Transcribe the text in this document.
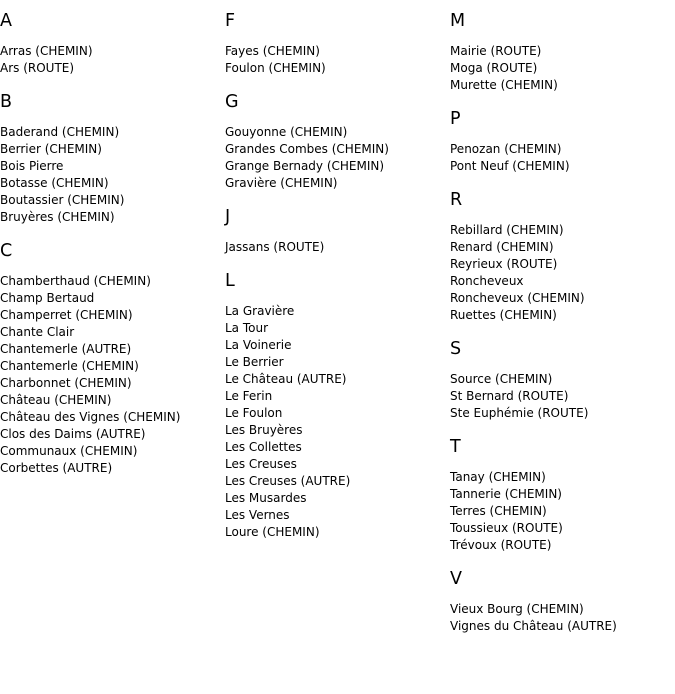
A
Arras (CHEMIN)
Ars (ROUTE)
B
Baderand (CHEMIN)
Berrier (CHEMIN)
Bois Pierre
Botasse (CHEMIN)
Boutassier (CHEMIN)
Bruyères (CHEMIN)
C
Chamberthaud (CHEMIN)
Champ Bertaud
Champerret (CHEMIN)
Chante Clair
Chantemerle (AUTRE)
Chantemerle (CHEMIN)
Charbonnet (CHEMIN)
Château (CHEMIN)
Château des Vignes (CHEMIN)
Clos des Daims (AUTRE)
Communaux (CHEMIN)
Corbettes (AUTRE)
F
Fayes (CHEMIN)
Foulon (CHEMIN)
G
Gouyonne (CHEMIN)
Grandes Combes (CHEMIN)
Grange Bernady (CHEMIN)
Gravière (CHEMIN)
J
Jassans (ROUTE)
L
La Gravière
La Tour
La Voinerie
Le Berrier
Le Château (AUTRE)
Le Ferin
Le Foulon
Les Bruyères
Les Collettes
Les Creuses
Les Creuses (AUTRE)
Les Musardes
Les Vernes
Loure (CHEMIN)
M
Mairie (ROUTE)
Moga (ROUTE)
Murette (CHEMIN)
P
Penozan (CHEMIN)
Pont Neuf (CHEMIN)
R
Rebillard (CHEMIN)
Renard (CHEMIN)
Reyrieux (ROUTE)
Roncheveux
Roncheveux (CHEMIN)
Ruettes (CHEMIN)
S
Source (CHEMIN)
St Bernard (ROUTE)
Ste Euphémie (ROUTE)
T
Tanay (CHEMIN)
Tannerie (CHEMIN)
Terres (CHEMIN)
Toussieux (ROUTE)
Trévoux (ROUTE)
V
Vieux Bourg (CHEMIN)
Vignes du Château (AUTRE)
